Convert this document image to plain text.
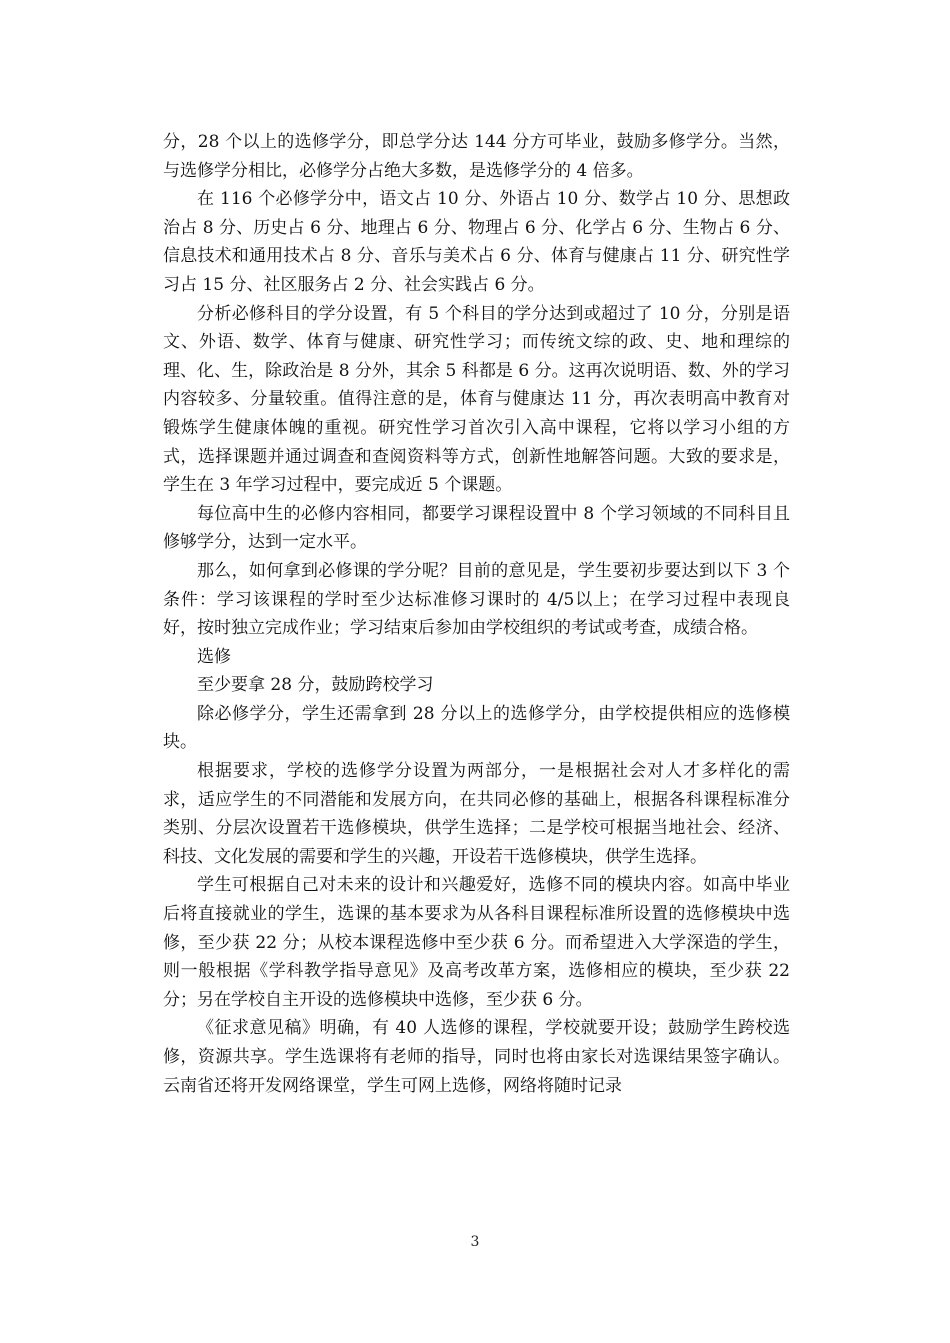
分，28 个以上的选修学分，即总学分达 144 分方可毕业，鼓励多修学分。当然，与选修学分相比，必修学分占绝大多数，是选修学分的 4 倍多。

在 116 个必修学分中，语文占 10 分、外语占 10 分、数学占 10 分、思想政治占 8 分、历史占 6 分、地理占 6 分、物理占 6 分、化学占 6 分、生物占 6 分、信息技术和通用技术占 8 分、音乐与美术占 6 分、体育与健康占 11 分、研究性学习占 15 分、社区服务占 2 分、社会实践占 6 分。

分析必修科目的学分设置，有 5 个科目的学分达到或超过了 10 分，分别是语文、外语、数学、体育与健康、研究性学习；而传统文综的政、史、地和理综的理、化、生，除政治是 8 分外，其余 5 科都是 6 分。这再次说明语、数、外的学习内容较多、分量较重。值得注意的是，体育与健康达 11 分，再次表明高中教育对锻炼学生健康体魄的重视。研究性学习首次引入高中课程，它将以学习小组的方式，选择课题并通过调查和查阅资料等方式，创新性地解答问题。大致的要求是，学生在 3 年学习过程中，要完成近 5 个课题。

每位高中生的必修内容相同，都要学习课程设置中 8 个学习领域的不同科目且修够学分，达到一定水平。

那么，如何拿到必修课的学分呢？目前的意见是，学生要初步要达到以下 3 个条件：学习该课程的学时至少达标准修习课时的 4/5以上；在学习过程中表现良好，按时独立完成作业；学习结束后参加由学校组织的考试或考查，成绩合格。

选修

至少要拿 28 分，鼓励跨校学习

除必修学分，学生还需拿到 28 分以上的选修学分，由学校提供相应的选修模块。

根据要求，学校的选修学分设置为两部分，一是根据社会对人才多样化的需求，适应学生的不同潜能和发展方向，在共同必修的基础上，根据各科课程标准分类别、分层次设置若干选修模块，供学生选择；二是学校可根据当地社会、经济、科技、文化发展的需要和学生的兴趣，开设若干选修模块，供学生选择。

学生可根据自己对未来的设计和兴趣爱好，选修不同的模块内容。如高中毕业后将直接就业的学生，选课的基本要求为从各科目课程标准所设置的选修模块中选修，至少获 22 分；从校本课程选修中至少获 6 分。而希望进入大学深造的学生，则一般根据《学科教学指导意见》及高考改革方案，选修相应的模块，至少获 22 分；另在学校自主开设的选修模块中选修，至少获 6 分。

《征求意见稿》明确，有 40 人选修的课程，学校就要开设；鼓励学生跨校选修，资源共享。学生选课将有老师的指导，同时也将由家长对选课结果签字确认。云南省还将开发网络课堂，学生可网上选修，网络将随时记录

3
